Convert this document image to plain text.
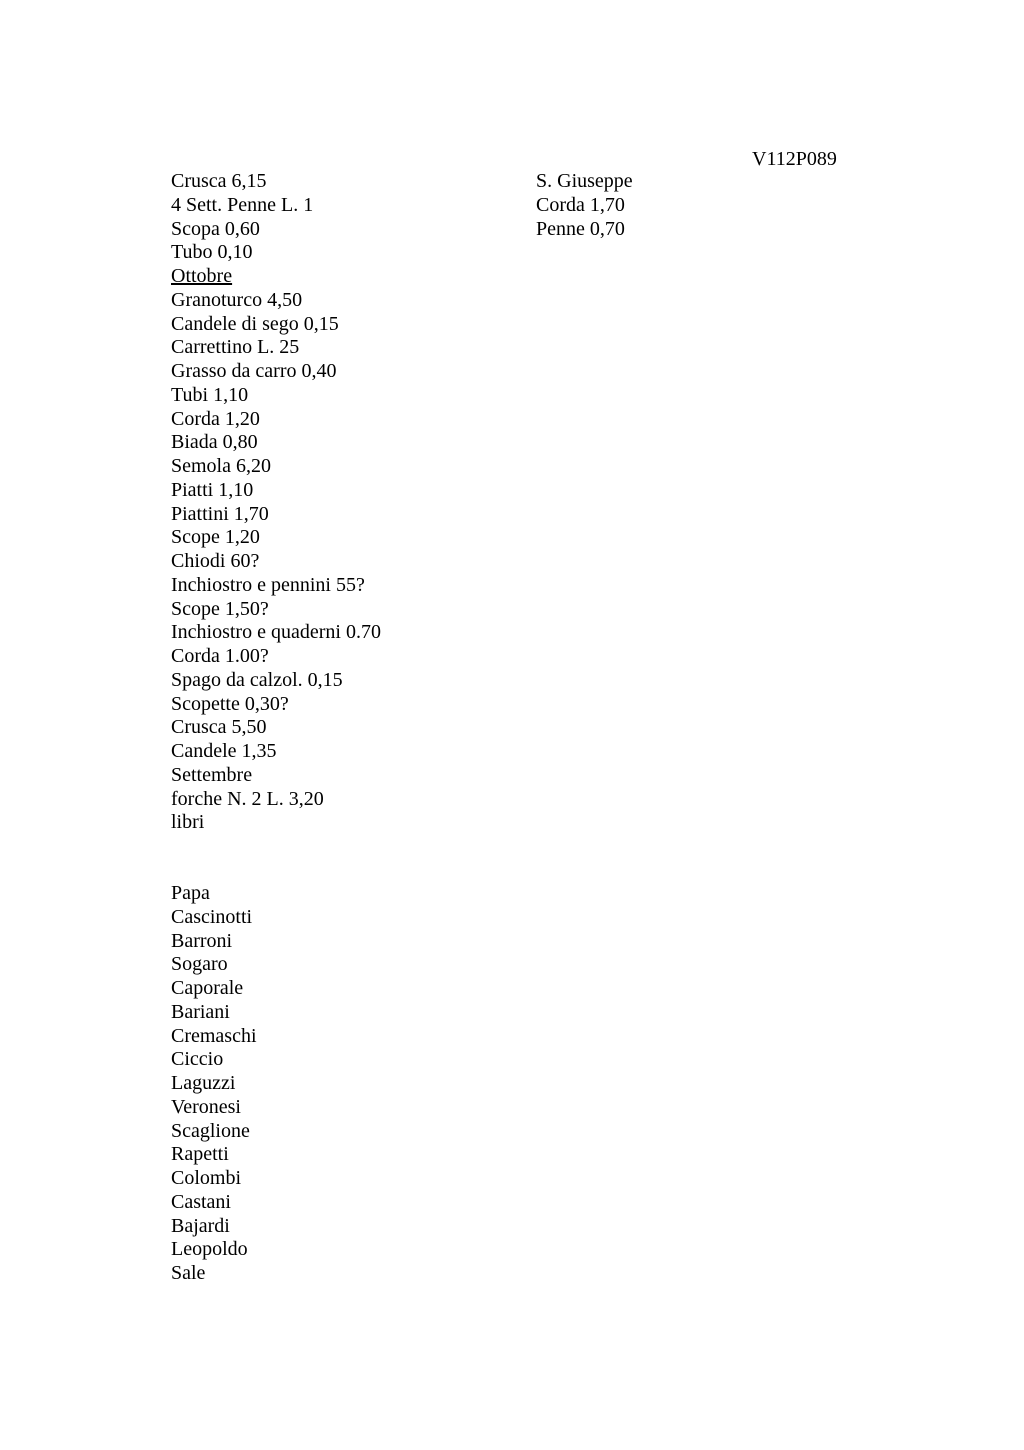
V112P089

Crusca 6,15
4 Sett. Penne L. 1
Scopa 0,60
Tubo 0,10
Ottobre
Granoturco 4,50
Candele di sego 0,15
Carrettino L. 25
Grasso da carro 0,40
Tubi 1,10
Corda 1,20
Biada 0,80
Semola 6,20
Piatti 1,10
Piattini 1,70
Scope 1,20
Chiodi 60?
Inchiostro e pennini 55?
Scope 1,50?
Inchiostro e quaderni 0.70
Corda 1.00?
Spago da calzol. 0,15
Scopette 0,30?
Crusca 5,50
Candele 1,35
Settembre
forche N. 2 L. 3,20
libri
S. Giuseppe
Corda 1,70
Penne 0,70
Papa
Cascinotti
Barroni
Sogaro
Caporale
Bariani
Cremaschi
Ciccio
Laguzzi
Veronesi
Scaglione
Rapetti
Colombi
Castani
Bajardi
Leopoldo
Sale
